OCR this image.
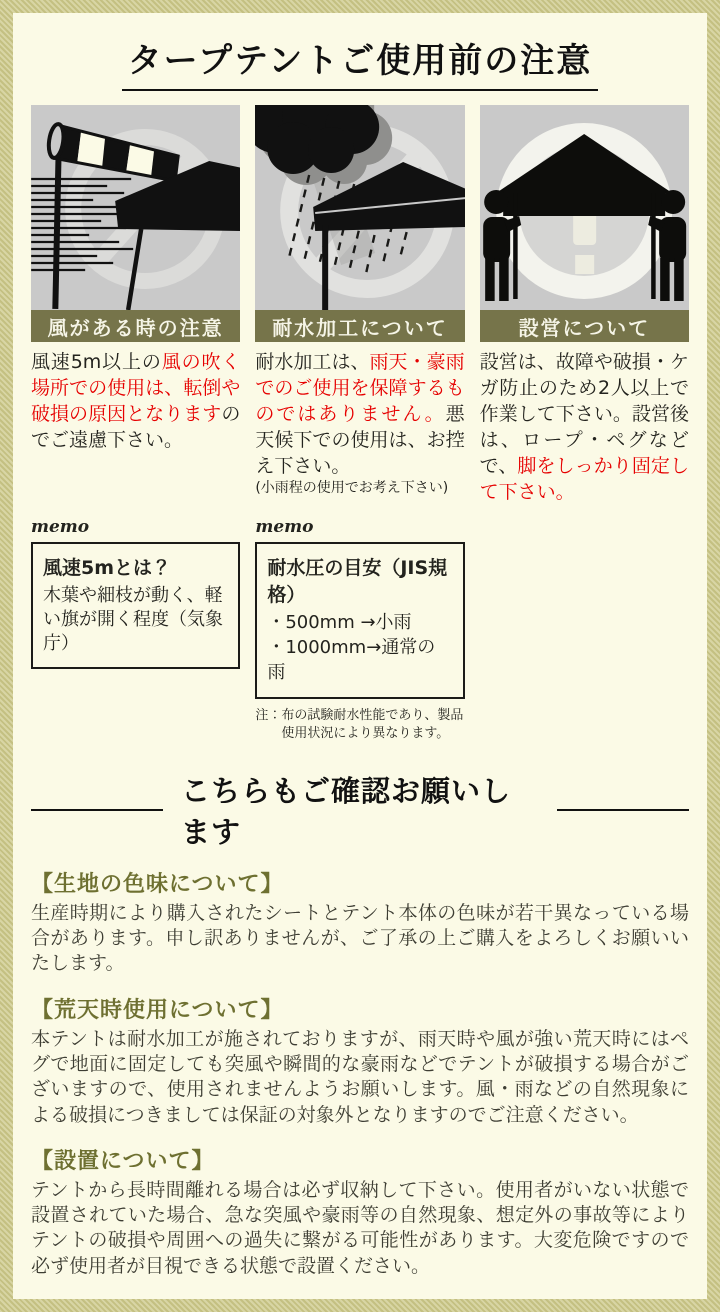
タープテントご使用前の注意
風がある時の注意
風速5m以上の風の吹く場所での使用は、転倒や破損の原因となりますのでご遠慮下さい。
耐水加工について
耐水加工は、雨天・豪雨でのご使用を保障するものではありません。悪天候下での使用は、お控え下さい。
(小雨程の使用でお考え下さい)
設営について
設営は、故障や破損・ケガ防止のため2人以上で作業して下さい。設営後は、ロープ・ペグなどで、脚をしっかり固定して下さい。
memo
風速5mとは？
木葉や細枝が動く、軽い旗が開く程度（気象庁）
memo
耐水圧の目安（JIS規格）
・500mm →小雨
・1000mm→通常の雨
注：布の試験耐水性能であり、製品使用状況により異なります。
こちらもご確認お願いします
【生地の色味について】

生産時期により購入されたシートとテント本体の色味が若干異なっている場合があります。申し訳ありませんが、ご了承の上ご購入をよろしくお願いいたします。

【荒天時使用について】

本テントは耐水加工が施されておりますが、雨天時や風が強い荒天時にはペグで地面に固定しても突風や瞬間的な豪雨などでテントが破損する場合がございますので、使用されませんようお願いします。風・雨などの自然現象による破損につきましては保証の対象外となりますのでご注意ください。

【設置について】

テントから長時間離れる場合は必ず収納して下さい。使用者がいない状態で設置されていた場合、急な突風や豪雨等の自然現象、想定外の事故等によりテントの破損や周囲への過失に繋がる可能性があります。大変危険ですので必ず使用者が目視できる状態で設置ください。
